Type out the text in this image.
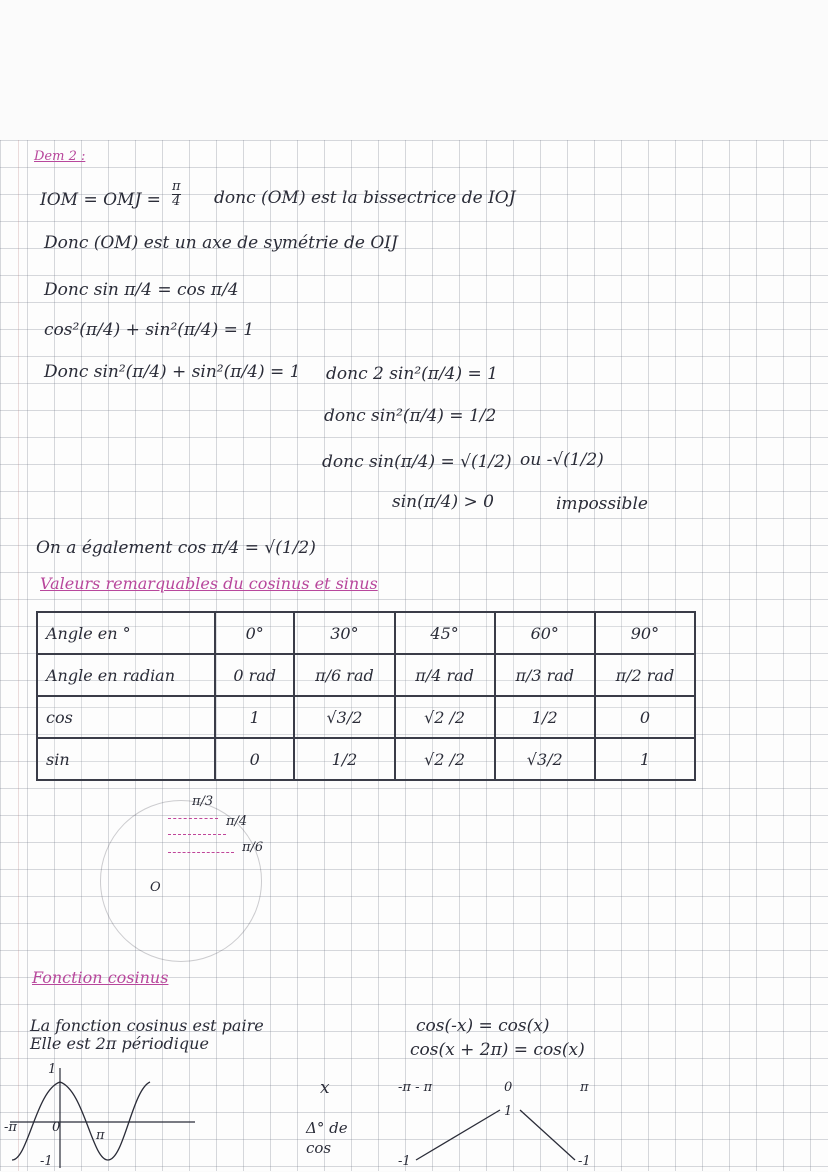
Dem 2 :
IOM = OMJ = $\frac{\pi}{4}$ donc (OM) est la bissectrice de IOJ
Donc (OM) est un axe de symétrie de OIJ
Donc sin π/4 = cos π/4
cos²(π/4) + sin²(π/4) = 1
Donc sin²(π/4) + sin²(π/4) = 1 donc 2 sin²(π/4) = 1
donc sin²(π/4) = 1/2
donc sin(π/4) = √(1/2) ou -√(1/2)
sin(π/4) > 0	impossible
On a également cos π/4 = √(1/2)
Valeurs remarquables du cosinus et sinus
Angle en °	0°	30°	45°	60°	90°
Angle en radian	0 rad	π/6 rad	π/4 rad	π/3 rad	π/2 rad
cos	1	√3/2	√2 /2	1/2	0
sin	0	1/2	√2 /2	√3/2	1
π/3
π/4
π/6
O
Fonction cosinus
La fonction cosinus est paire
Elle est 2π périodique
cos(-x) = cos(x)
cos(x + 2π) = cos(x)
1
-1
-π	0
π
x
Δ° de cos
-π - π	0	π
1
-1	-1
